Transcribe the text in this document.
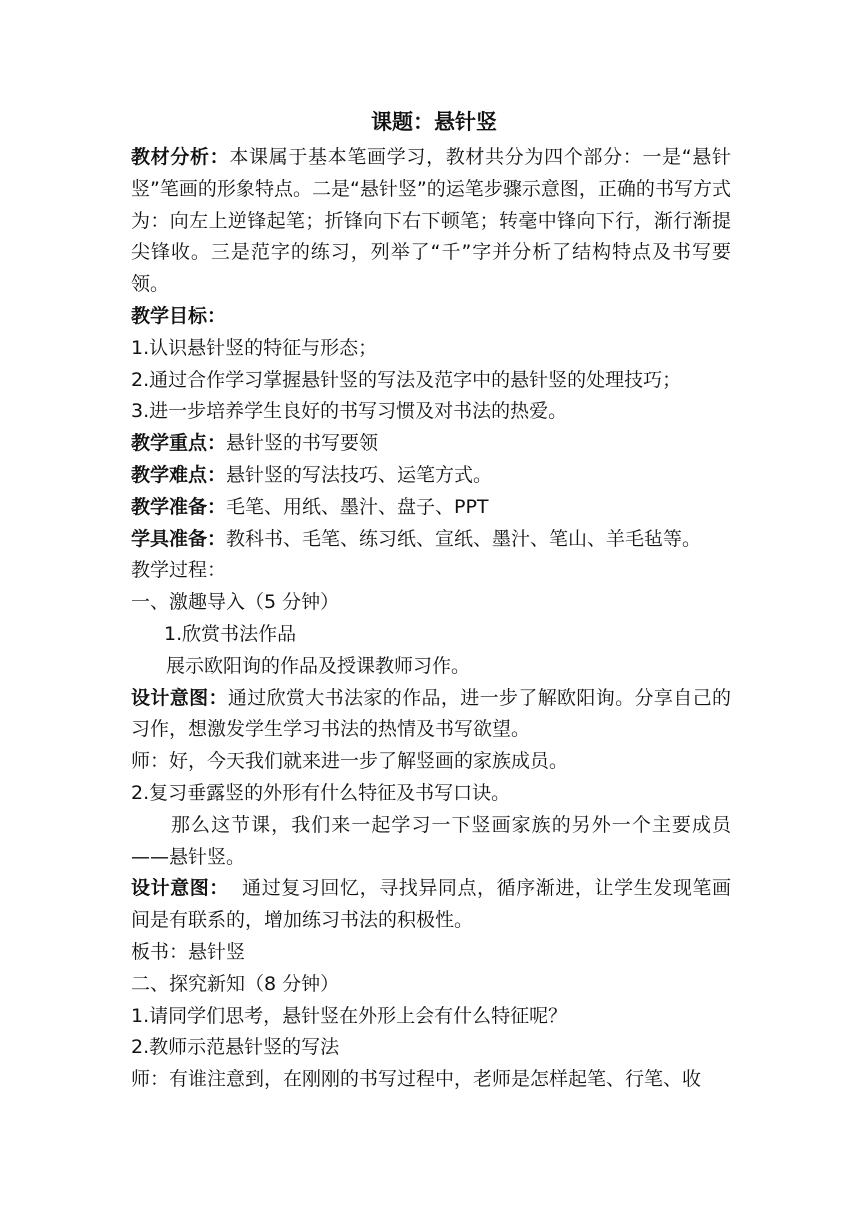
课题：悬针竖

教材分析：本课属于基本笔画学习，教材共分为四个部分：一是“悬针竖”笔画的形象特点。二是“悬针竖”的运笔步骤示意图，正确的书写方式为：向左上逆锋起笔；折锋向下右下顿笔；转毫中锋向下行，渐行渐提尖锋收。三是范字的练习，列举了“千”字并分析了结构特点及书写要领。

教学目标：

1.认识悬针竖的特征与形态；

2.通过合作学习掌握悬针竖的写法及范字中的悬针竖的处理技巧；

3.进一步培养学生良好的书写习惯及对书法的热爱。

教学重点：悬针竖的书写要领

教学难点：悬针竖的写法技巧、运笔方式。

教学准备：毛笔、用纸、墨汁、盘子、PPT

学具准备：教科书、毛笔、练习纸、宣纸、墨汁、笔山、羊毛毡等。

教学过程：

一、激趣导入（5 分钟）

1.欣赏书法作品

展示欧阳询的作品及授课教师习作。

设计意图：通过欣赏大书法家的作品，进一步了解欧阳询。分享自己的习作，想激发学生学习书法的热情及书写欲望。

师：好，今天我们就来进一步了解竖画的家族成员。

2.复习垂露竖的外形有什么特征及书写口诀。

那么这节课，我们来一起学习一下竖画家族的另外一个主要成员——悬针竖。

设计意图：  通过复习回忆，寻找异同点，循序渐进，让学生发现笔画间是有联系的，增加练习书法的积极性。

板书：悬针竖

二、探究新知（8 分钟）

1.请同学们思考，悬针竖在外形上会有什么特征呢？

2.教师示范悬针竖的写法

师：有谁注意到，在刚刚的书写过程中，老师是怎样起笔、行笔、收
